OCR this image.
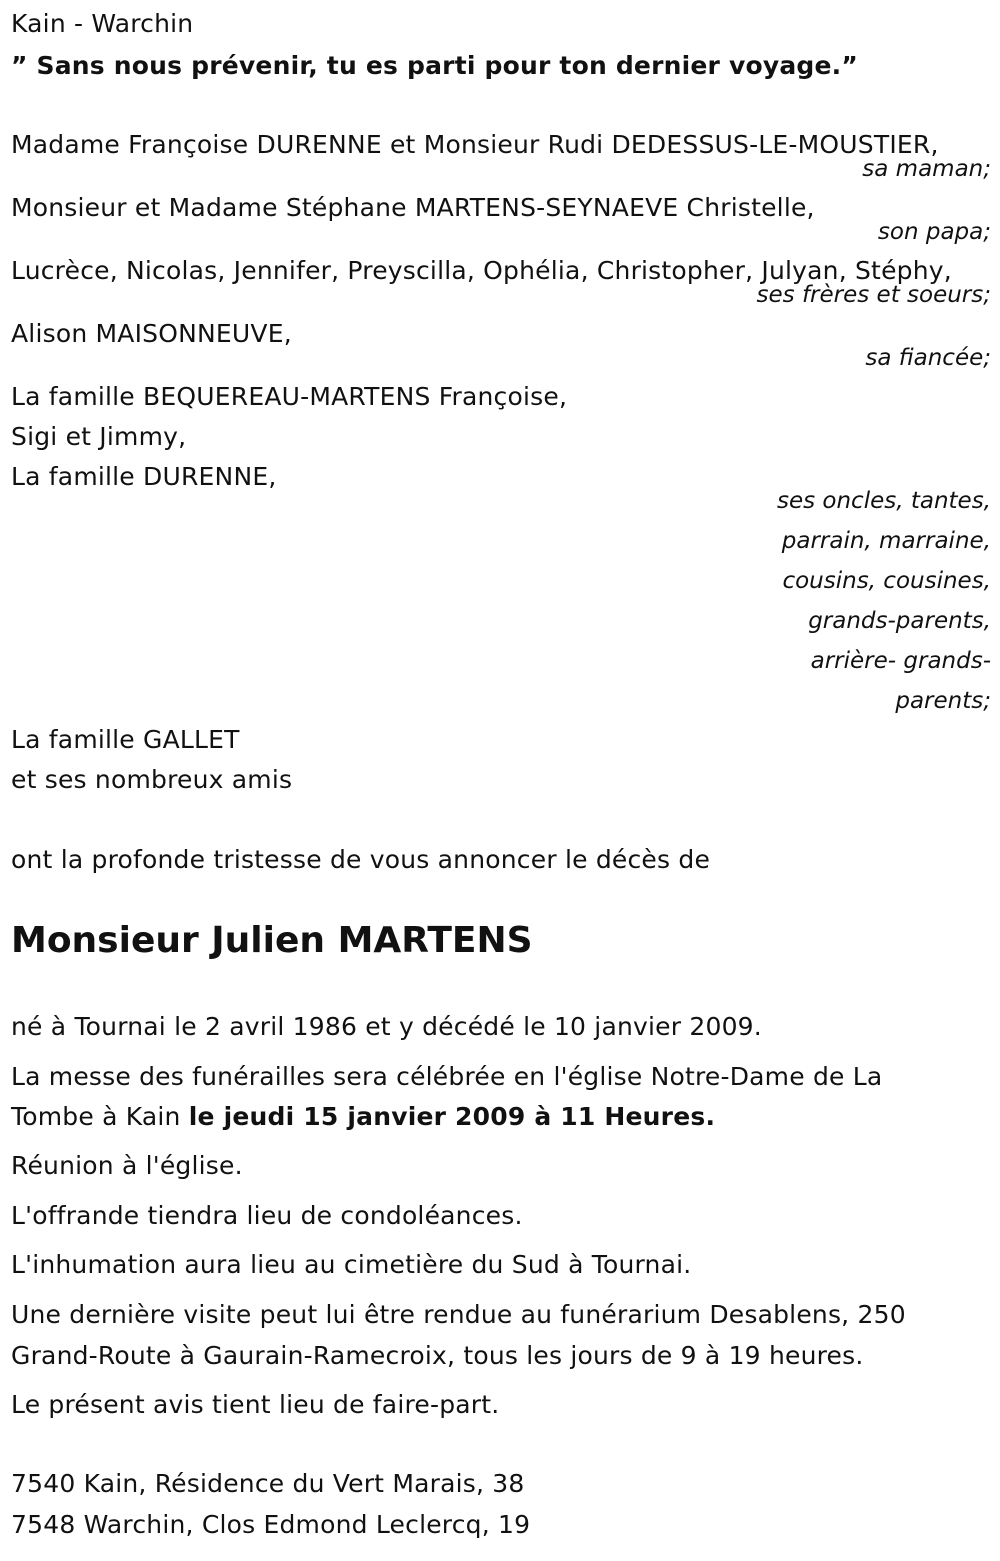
Kain - Warchin
” Sans nous prévenir, tu es parti pour ton dernier voyage.”
Madame Françoise DURENNE et Monsieur Rudi DEDESSUS-LE-MOUSTIER,
sa maman;
Monsieur et Madame Stéphane MARTENS-SEYNAEVE Christelle,
son papa;
Lucrèce, Nicolas, Jennifer, Preyscilla, Ophélia, Christopher, Julyan, Stéphy,
ses frères et soeurs;
Alison MAISONNEUVE,
sa fiancée;
La famille BEQUEREAU-MARTENS Françoise,
Sigi et Jimmy,
La famille DURENNE,
ses oncles, tantes,
parrain, marraine,
cousins, cousines,
grands-parents,
arrière- grands-
parents;
La famille GALLET
et ses nombreux amis
ont la profonde tristesse de vous annoncer le décès de
Monsieur Julien MARTENS
né à Tournai le 2 avril 1986 et y décédé le 10 janvier 2009.
La messe des funérailles sera célébrée en l'église Notre-Dame de La
Tombe à Kain le jeudi 15 janvier 2009 à 11 Heures.
Réunion à l'église.
L'offrande tiendra lieu de condoléances.
L'inhumation aura lieu au cimetière du Sud à Tournai.
Une dernière visite peut lui être rendue au funérarium Desablens, 250
Grand-Route à Gaurain-Ramecroix, tous les jours de 9 à 19 heures.
Le présent avis tient lieu de faire-part.
7540 Kain, Résidence du Vert Marais, 38
7548 Warchin, Clos Edmond Leclercq, 19
